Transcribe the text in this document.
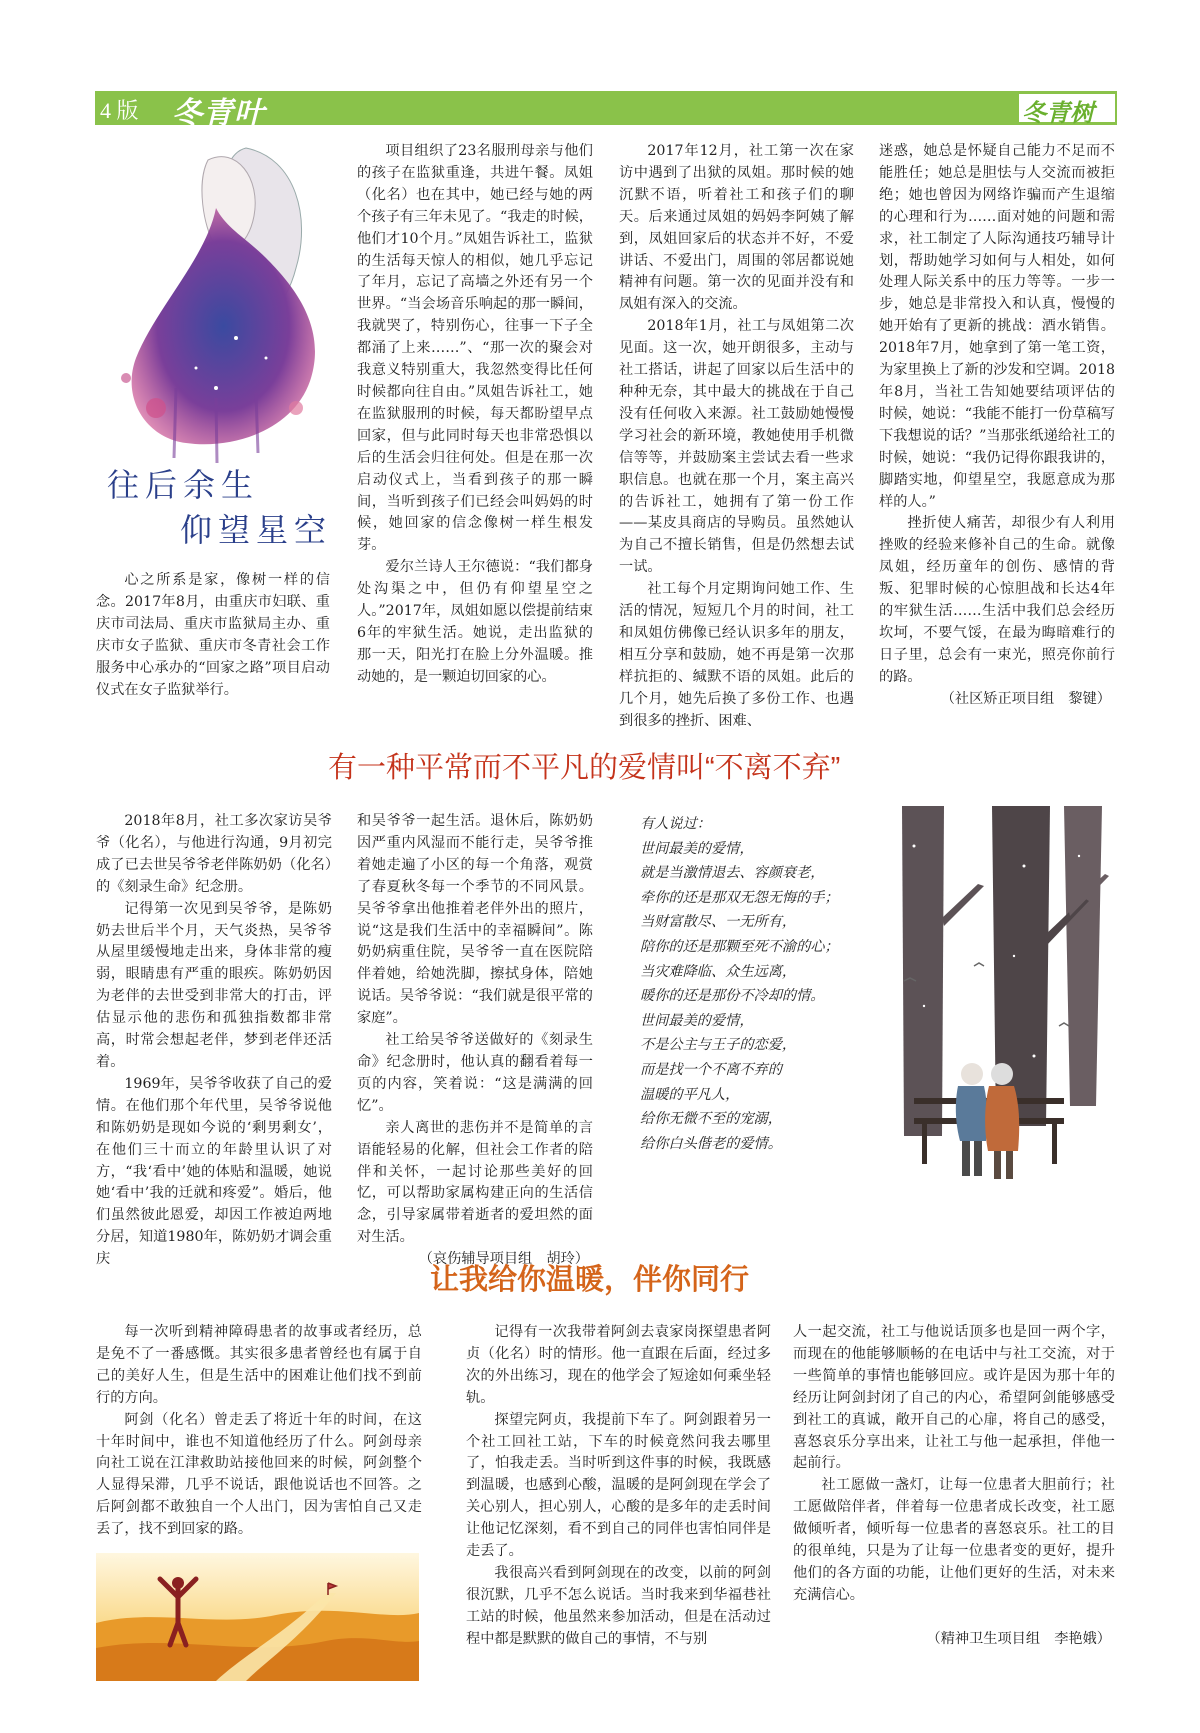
4 版 冬青叶	冬青树
往后余生
仰望星空

心之所系是家，像树一样的信念。2017年8月，由重庆市妇联、重庆市司法局、重庆市监狱局主办、重庆市女子监狱、重庆市冬青社会工作服务中心承办的“回家之路”项目启动仪式在女子监狱举行。

项目组织了23名服刑母亲与他们的孩子在监狱重逢，共进午餐。凤姐（化名）也在其中，她已经与她的两个孩子有三年未见了。“我走的时候，他们才10个月。”凤姐告诉社工，监狱的生活每天惊人的相似，她几乎忘记了年月，忘记了高墙之外还有另一个世界。“当会场音乐响起的那一瞬间，我就哭了，特别伤心，往事一下子全都涌了上来……”、“那一次的聚会对我意义特别重大，我忽然变得比任何时候都向往自由。”凤姐告诉社工，她在监狱服刑的时候，每天都盼望早点回家，但与此同时每天也非常恐惧以后的生活会归往何处。但是在那一次启动仪式上，当看到孩子的那一瞬间，当听到孩子们已经会叫妈妈的时候，她回家的信念像树一样生根发芽。

爱尔兰诗人王尔德说：“我们都身处沟渠之中，但仍有仰望星空之人。”2017年，凤姐如愿以偿提前结束6年的牢狱生活。她说，走出监狱的那一天，阳光打在脸上分外温暖。推动她的，是一颗迫切回家的心。

2017年12月，社工第一次在家访中遇到了出狱的凤姐。那时候的她沉默不语，听着社工和孩子们的聊天。后来通过凤姐的妈妈李阿姨了解到，凤姐回家后的状态并不好，不爱讲话、不爱出门，周围的邻居都说她精神有问题。第一次的见面并没有和凤姐有深入的交流。

2018年1月，社工与凤姐第二次见面。这一次，她开朗很多，主动与社工搭话，讲起了回家以后生活中的种种无奈，其中最大的挑战在于自己没有任何收入来源。社工鼓励她慢慢学习社会的新环境，教她使用手机微信等等，并鼓励案主尝试去看一些求职信息。也就在那一个月，案主高兴的告诉社工，她拥有了第一份工作——某皮具商店的导购员。虽然她认为自己不擅长销售，但是仍然想去试一试。

社工每个月定期询问她工作、生活的情况，短短几个月的时间，社工和凤姐仿佛像已经认识多年的朋友，相互分享和鼓励，她不再是第一次那样抗拒的、缄默不语的凤姐。此后的几个月，她先后换了多份工作、也遇到很多的挫折、困难、

迷惑，她总是怀疑自己能力不足而不能胜任；她总是胆怯与人交流而被拒绝；她也曾因为网络诈骗而产生退缩的心理和行为……面对她的问题和需求，社工制定了人际沟通技巧辅导计划，帮助她学习如何与人相处，如何处理人际关系中的压力等等。一步一步，她总是非常投入和认真，慢慢的她开始有了更新的挑战：酒水销售。2018年7月，她拿到了第一笔工资，为家里换上了新的沙发和空调。2018年8月，当社工告知她要结项评估的时候，她说：“我能不能打一份草稿写下我想说的话？”当那张纸递给社工的时候，她说：“我仍记得你跟我讲的，脚踏实地，仰望星空，我愿意成为那样的人。”

挫折使人痛苦，却很少有人利用挫败的经验来修补自己的生命。就像凤姐，经历童年的创伤、感情的背叛、犯罪时候的心惊胆战和长达4年的牢狱生活……生活中我们总会经历坎坷，不要气馁，在最为晦暗难行的日子里，总会有一束光，照亮你前行的路。

（社区矫正项目组　黎键）

有一种平常而不平凡的爱情叫“不离不弃”

2018年8月，社工多次家访吴爷爷（化名），与他进行沟通，9月初完成了已去世吴爷爷老伴陈奶奶（化名）的《刻录生命》纪念册。

记得第一次见到吴爷爷，是陈奶奶去世后半个月，天气炎热，吴爷爷从屋里缓慢地走出来，身体非常的瘦弱，眼睛患有严重的眼疾。陈奶奶因为老伴的去世受到非常大的打击，评估显示他的悲伤和孤独指数都非常高，时常会想起老伴，梦到老伴还活着。

1969年，吴爷爷收获了自己的爱情。在他们那个年代里，吴爷爷说他和陈奶奶是现如今说的‘剩男剩女’，在他们三十而立的年龄里认识了对方，“我‘看中’她的体贴和温暖，她说她‘看中’我的迁就和疼爱”。婚后，他们虽然彼此恩爱，却因工作被迫两地分居，知道1980年，陈奶奶才调会重庆

和吴爷爷一起生活。退休后，陈奶奶因严重内风湿而不能行走，吴爷爷推着她走遍了小区的每一个角落，观赏了春夏秋冬每一个季节的不同风景。吴爷爷拿出他推着老伴外出的照片，说“这是我们生活中的幸福瞬间”。陈奶奶病重住院，吴爷爷一直在医院陪伴着她，给她洗脚，擦拭身体，陪她说话。吴爷爷说：“我们就是很平常的家庭”。

社工给吴爷爷送做好的《刻录生命》纪念册时，他认真的翻看着每一页的内容，笑着说：“这是满满的回忆”。

亲人离世的悲伤并不是简单的言语能轻易的化解，但社会工作者的陪伴和关怀，一起讨论那些美好的回忆，可以帮助家属构建正向的生活信念，引导家属带着逝者的爱坦然的面对生活。

（哀伤辅导项目组　胡玲）

有人说过：
世间最美的爱情，
就是当激情退去、容颜衰老，
牵你的还是那双无怨无悔的手；
当财富散尽、一无所有，
陪你的还是那颗至死不渝的心；
当灾难降临、众生远离，
暖你的还是那份不冷却的情。
世间最美的爱情，
不是公主与王子的恋爱，
而是找一个不离不弃的
温暖的平凡人，
给你无微不至的宠溺，
给你白头偕老的爱情。
让我给你温暖，伴你同行

每一次听到精神障碍患者的故事或者经历，总是免不了一番感慨。其实很多患者曾经也有属于自己的美好人生，但是生活中的困难让他们找不到前行的方向。

阿剑（化名）曾走丢了将近十年的时间，在这十年时间中，谁也不知道他经历了什么。阿剑母亲向社工说在江津救助站接他回来的时候，阿剑整个人显得呆滞，几乎不说话，跟他说话也不回答。之后阿剑都不敢独自一个人出门，因为害怕自己又走丢了，找不到回家的路。

记得有一次我带着阿剑去袁家岗探望患者阿贞（化名）时的情形。他一直跟在后面，经过多次的外出练习，现在的他学会了短途如何乘坐轻轨。

探望完阿贞，我提前下车了。阿剑跟着另一个社工回社工站，下车的时候竟然问我去哪里了，怕我走丢。当时听到这件事的时候，我既感到温暖，也感到心酸，温暖的是阿剑现在学会了关心别人，担心别人，心酸的是多年的走丢时间让他记忆深刻，看不到自己的同伴也害怕同伴是走丢了。

我很高兴看到阿剑现在的改变，以前的阿剑很沉默，几乎不怎么说话。当时我来到华福巷社工站的时候，他虽然来参加活动，但是在活动过程中都是默默的做自己的事情，不与别

人一起交流，社工与他说话顶多也是回一两个字，而现在的他能够顺畅的在电话中与社工交流，对于一些简单的事情也能够回应。或许是因为那十年的经历让阿剑封闭了自己的内心，希望阿剑能够感受到社工的真诚，敞开自己的心扉，将自己的感受，喜怒哀乐分享出来，让社工与他一起承担，伴他一起前行。

社工愿做一盏灯，让每一位患者大胆前行；社工愿做陪伴者，伴着每一位患者成长改变，社工愿做倾听者，倾听每一位患者的喜怒哀乐。社工的目的很单纯，只是为了让每一位患者变的更好，提升他们的各方面的功能，让他们更好的生活，对未来充满信心。

（精神卫生项目组　李艳娥）
